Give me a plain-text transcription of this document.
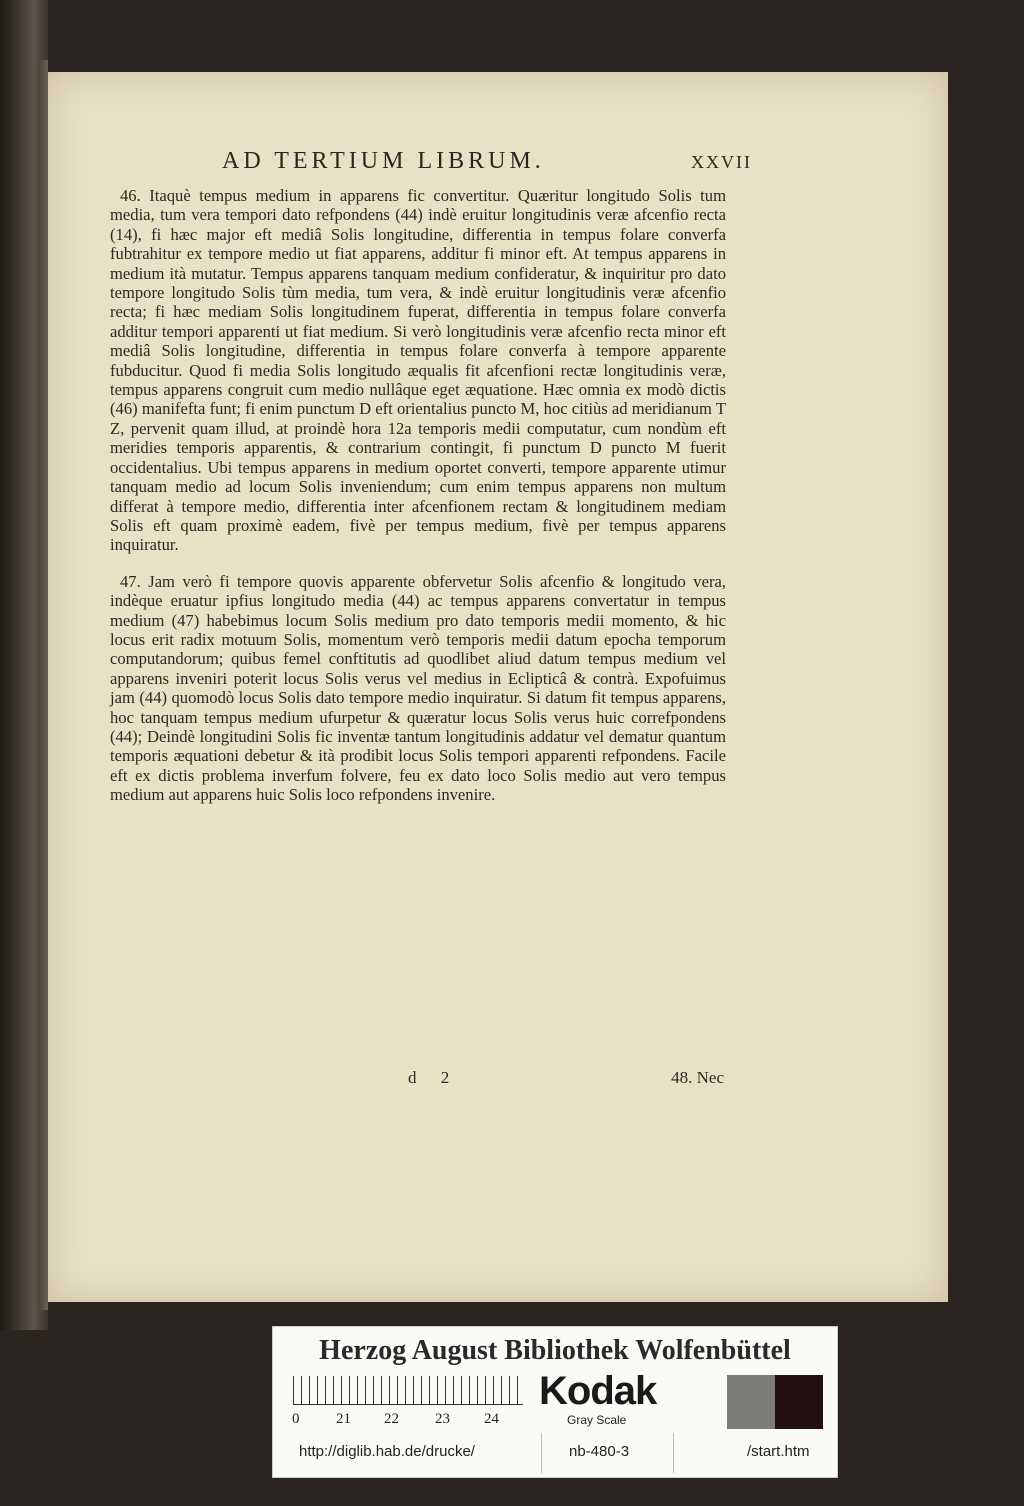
AD TERTIUM LIBRUM.	XXVII

46. Itaquè tempus medium in apparens fic convertitur. Quæritur longitudo Solis tum media, tum vera tempori dato refpondens (44) indè eruitur longitudinis veræ afcenfio recta (14), fi hæc major eft mediâ Solis longitudine, differentia in tempus folare converfa fubtrahitur ex tempore medio ut fiat apparens, additur fi minor eft. At tempus apparens in medium ità mutatur. Tempus apparens tanquam medium confideratur, & inquiritur pro dato tempore longitudo Solis tùm media, tum vera, & indè eruitur longitudinis veræ afcenfio recta; fi hæc mediam Solis longitudinem fuperat, differentia in tempus folare converfa additur tempori apparenti ut fiat medium. Si verò longitudinis veræ afcenfio recta minor eft mediâ Solis longitudine, differentia in tempus folare converfa à tempore apparente fubducitur. Quod fi media Solis longitudo æqualis fit afcenfioni rectæ longitudinis veræ, tempus apparens congruit cum medio nullâque eget æquatione. Hæc omnia ex modò dictis (46) manifefta funt; fi enim punctum D eft orientalius puncto M, hoc citiùs ad meridianum T Z, pervenit quam illud, at proindè hora 12a temporis medii computatur, cum nondùm eft meridies temporis apparentis, & contrarium contingit, fi punctum D puncto M fuerit occidentalius. Ubi tempus apparens in medium oportet converti, tempore apparente utimur tanquam medio ad locum Solis inveniendum; cum enim tempus apparens non multum differat à tempore medio, differentia inter afcenfionem rectam & longitudinem mediam Solis eft quam proximè eadem, fivè per tempus medium, fivè per tempus apparens inquiratur.

47. Jam verò fi tempore quovis apparente obfervetur Solis afcenfio & longitudo vera, indèque eruatur ipfius longitudo media (44) ac tempus apparens convertatur in tempus medium (47) habebimus locum Solis medium pro dato temporis medii momento, & hic locus erit radix motuum Solis, momentum verò temporis medii datum epocha temporum computandorum; quibus femel conftitutis ad quodlibet aliud datum tempus medium vel apparens inveniri poterit locus Solis verus vel medius in Eclipticâ & contrà. Expofuimus jam (44) quomodò locus Solis dato tempore medio inquiratur. Si datum fit tempus apparens, hoc tanquam tempus medium ufurpetur & quæratur locus Solis verus huic correfpondens (44); Deindè longitudini Solis fic inventæ tantum longitudinis addatur vel dematur quantum temporis æquationi debetur & ità prodibit locus Solis tempori apparenti refpondens. Facile eft ex dictis problema inverfum folvere, feu ex dato loco Solis medio aut vero tempus medium aut apparens huic Solis loco refpondens invenire.

d 2	48. Nec
Herzog August Bibliothek Wolfenbüttel
Kodak
Gray Scale
http://diglib.hab.de/drucke/	nb-480-3	/start.htm
0 21 22 23 24
